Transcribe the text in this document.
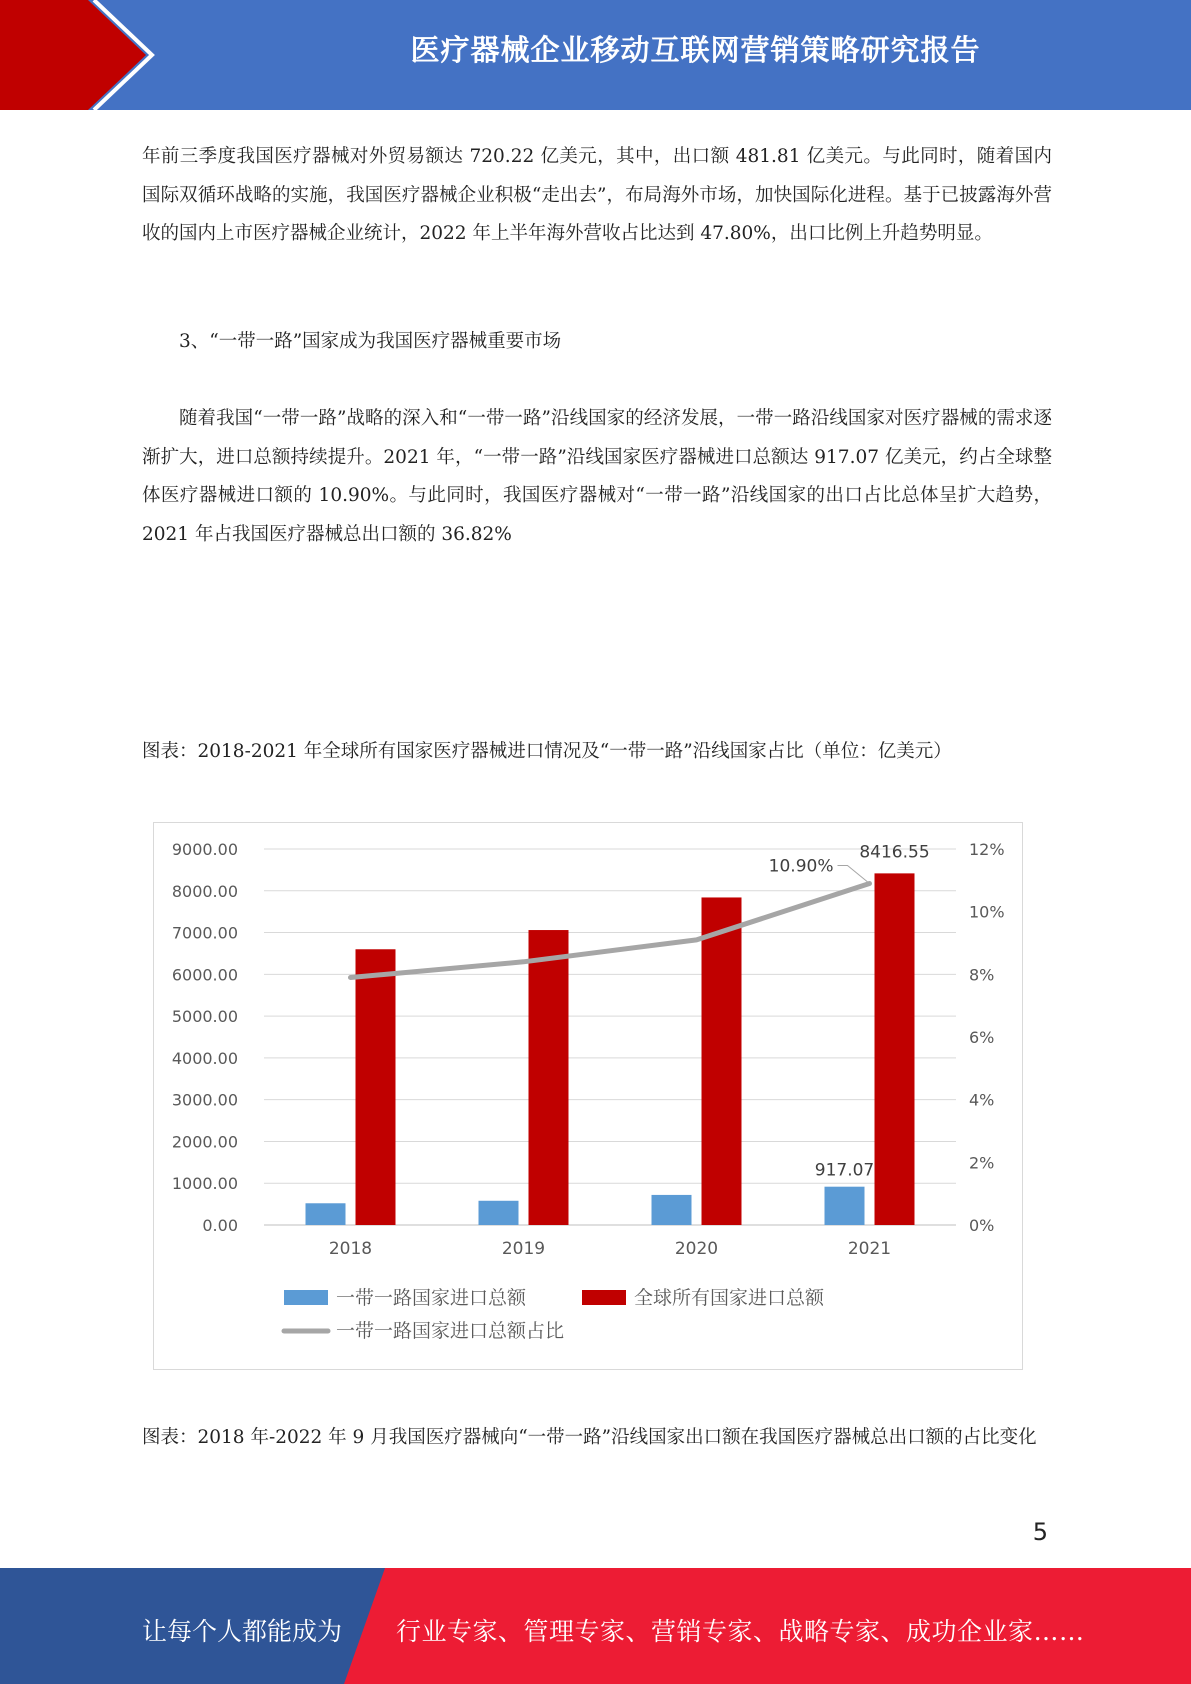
医疗器械企业移动互联网营销策略研究报告

年前三季度我国医疗器械对外贸易额达 720.22 亿美元，其中，出口额 481.81 亿美元。与此同时，随着国内国际双循环战略的实施，我国医疗器械企业积极“走出去”，布局海外市场，加快国际化进程。基于已披露海外营收的国内上市医疗器械企业统计，2022 年上半年海外营收占比达到 47.80%，出口比例上升趋势明显。

3、“一带一路”国家成为我国医疗器械重要市场

随着我国“一带一路”战略的深入和“一带一路”沿线国家的经济发展，一带一路沿线国家对医疗器械的需求逐渐扩大，进口总额持续提升。2021 年，“一带一路”沿线国家医疗器械进口总额达 917.07 亿美元，约占全球整体医疗器械进口额的 10.90%。与此同时，我国医疗器械对“一带一路”沿线国家的出口占比总体呈扩大趋势，2021 年占我国医疗器械总出口额的 36.82%

图表：2018-2021 年全球所有国家医疗器械进口情况及“一带一路”沿线国家占比（单位：亿美元）

0.00
1000.00
2000.00
3000.00
4000.00
5000.00
6000.00
7000.00
8000.00
9000.00
0%
2%
4%
6%
8%
10%
12%
2018	2019	2020	2021
917.07
8416.55
10.90%
一带一路国家进口总额	全球所有国家进口总额
一带一路国家进口总额占比

图表：2018 年-2022 年 9 月我国医疗器械向“一带一路”沿线国家出口额在我国医疗器械总出口额的占比变化

5
让每个人都能成为 行业专家、管理专家、营销专家、战略专家、成功企业家……
